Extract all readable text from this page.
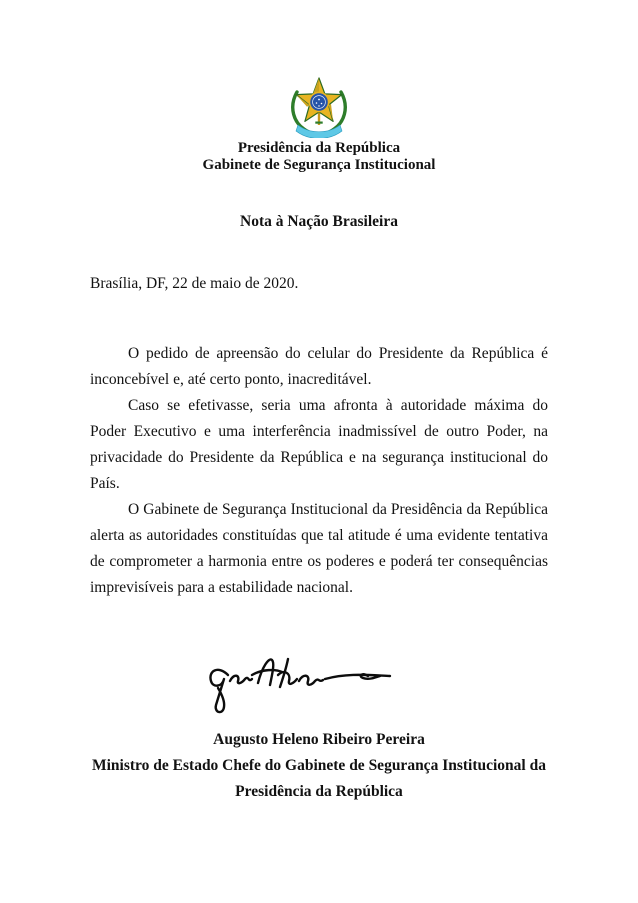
Presidência da República
Gabinete de Segurança Institucional
Nota à Nação Brasileira
Brasília, DF, 22 de maio de 2020.

O pedido de apreensão do celular do Presidente da República é inconcebível e, até certo ponto, inacreditável.

Caso se efetivasse, seria uma afronta à autoridade máxima do Poder Executivo e uma interferência inadmissível de outro Poder, na privacidade do Presidente da República e na segurança institucional do País.

O Gabinete de Segurança Institucional da Presidência da República alerta as autoridades constituídas que tal atitude é uma evidente tentativa de comprometer a harmonia entre os poderes e poderá ter consequências imprevisíveis para a estabilidade nacional.

Augusto Heleno Ribeiro Pereira
Ministro de Estado Chefe do Gabinete de Segurança Institucional da
Presidência da República
